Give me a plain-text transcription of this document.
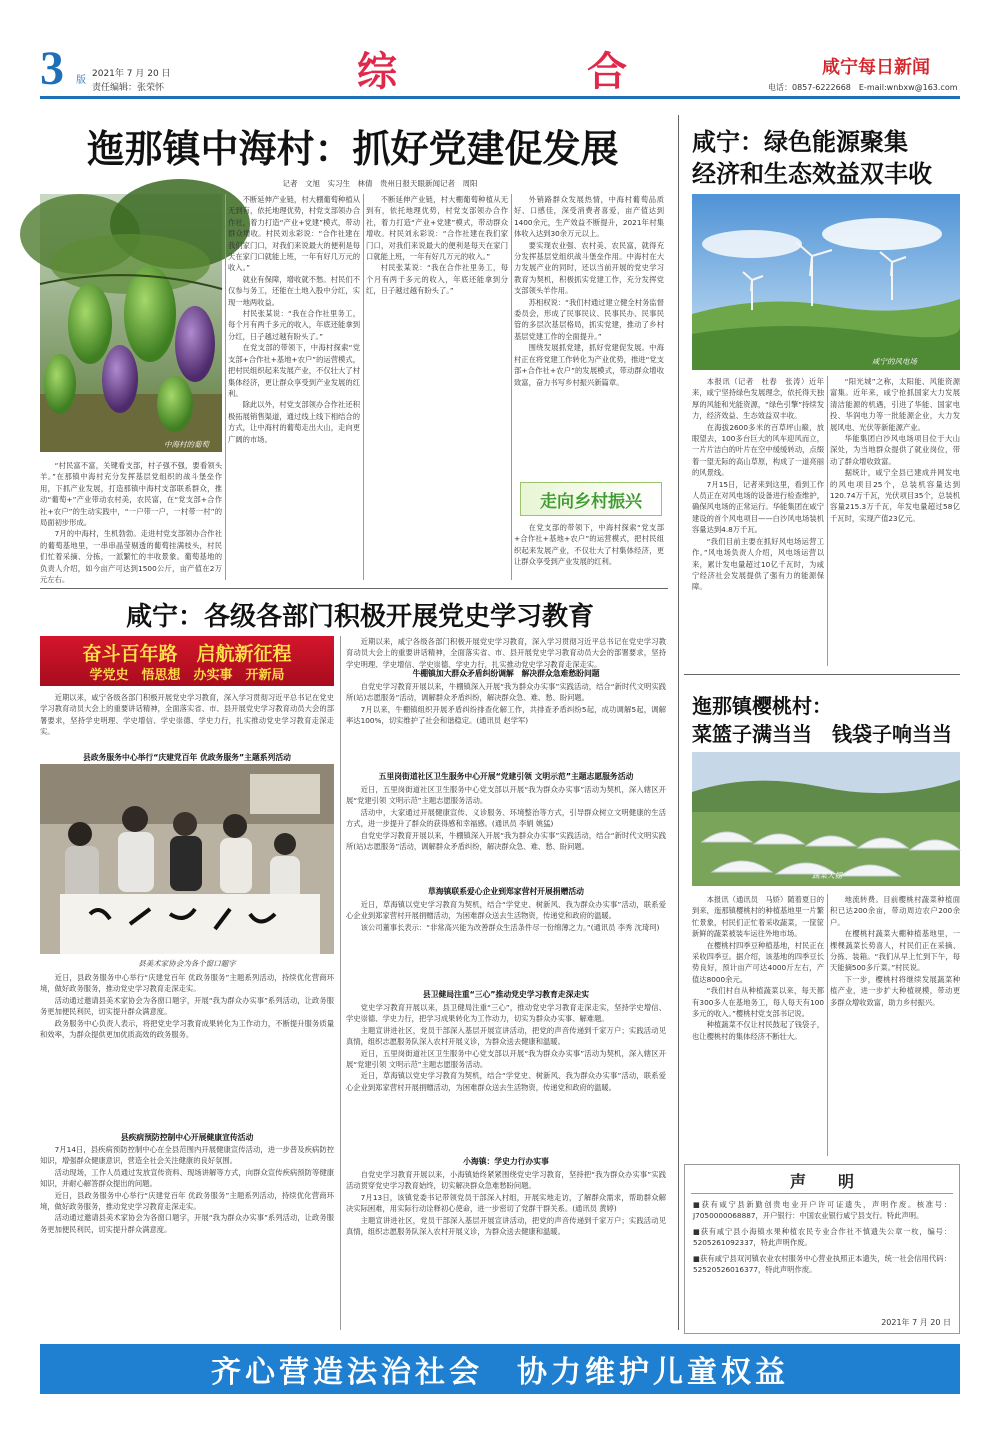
3 版
2021年 7 月 20 日
责任编辑：张荣怀	综　　　　合	咸宁每日新闻
电话：0857-6222668　E-mail:wnbxw@163.com
迤那镇中海村：抓好党建促发展
记者　文旭　实习生　林倩　贵州日报天眼新闻记者　周阳
中海村的葡萄

“村民富不富，关键看支部，村子强不强，要看领头羊。”在那镇中海村充分发挥基层党组织的战斗堡垒作用，下抓产业发展，打造那镇中海村支部联系群众，推动“葡萄+”产业带动农村美，农民富，在“党支部+合作社+农户”的生动实践中，“一户带一户，一村带一村”的局面初步形成。

7月的中海村，生机勃勃。走进村党支部领办合作社的葡萄基地里，一串串晶莹剔透的葡萄挂满枝头，村民们忙着采摘、分拣，一派繁忙的丰收景象。葡萄基地的负责人介绍，如今亩产可达到1500公斤，亩产值在2万元左右。

不断延伸产业链，村大棚葡萄种植从无到有，依托地理优势，村党支部领办合作社，着力打造“产业+党建”模式，带动群众增收。村民刘永彩说：“合作社建在我们家门口，对我们来说最大的便利是每天在家门口就能上班，一年有好几万元的收入。”

就业有保障，增收就不愁。村民们不仅参与务工，还能在土地入股中分红，实现一地两收益。

村民张某说：“我在合作社里务工，每个月有两千多元的收入，年底还能拿到分红，日子越过越有盼头了。”

在党支部的带领下，中海村探索“党支部+合作社+基地+农户”的运营模式，把村民组织起来发展产业，不仅壮大了村集体经济，更让群众享受到产业发展的红利。

除此以外，村党支部领办合作社还积极拓展销售渠道，通过线上线下相结合的方式，让中海村的葡萄走出大山，走向更广阔的市场。

不断延伸产业链，村大棚葡萄种植从无到有，依托地理优势，村党支部领办合作社，着力打造“产业+党建”模式，带动群众增收。村民刘永彩说：“合作社建在我们家门口，对我们来说最大的便利是每天在家门口就能上班，一年有好几万元的收入。”

村民张某说：“我在合作社里务工，每个月有两千多元的收入，年底还能拿到分红，日子越过越有盼头了。”

外销路群众发展热情，中海村葡萄品质好、口感佳，深受消费者喜爱，亩产值达到1400余元，生产效益不断提升，2021年村集体收入达到30余万元以上。

要实现农业强、农村美、农民富，就得充分发挥基层党组织战斗堡垒作用。中海村在大力发展产业的同时，还以当前开展的党史学习教育为契机，积极抓实党建工作，充分发挥党支部领头羊作用。

苏相权说：“我们村通过建立健全村务监督委员会，形成了民事民议、民事民办、民事民管的多层次基层格局，抓实党建，推动了乡村基层党建工作的全面提升。”

围绕发展抓党建，抓好党建促发展。中海村正在将党建工作转化为产业优势，推进“党支部+合作社+农户”的发展模式，带动群众增收致富，奋力书写乡村振兴新篇章。

走向乡村振兴

在党支部的带领下，中海村探索“党支部+合作社+基地+农户”的运营模式，把村民组织起来发展产业，不仅壮大了村集体经济，更让群众享受到产业发展的红利。

咸宁：各级各部门积极开展党史学习教育
奋斗百年路　启航新征程
学党史　悟思想　办实事　开新局

近期以来，咸宁各级各部门积极开展党史学习教育，深入学习贯彻习近平总书记在党史学习教育动员大会上的重要讲话精神，全面落实省、市、县开展党史学习教育动员大会的部署要求，坚持学史明理、学史增信、学史崇德、学史力行，扎实推动党史学习教育走深走实。

县政务服务中心举行“庆建党百年 优政务服务”主题系列活动
县美术家协会为各个窗口题字

近日，县政务服务中心举行“庆建党百年 优政务服务”主题系列活动，持续优化营商环境，做好政务服务，推动党史学习教育走深走实。

活动通过邀请县美术家协会为各窗口题字，开展“我为群众办实事”系列活动，让政务服务更加便民利民，切实提升群众满意度。

政务服务中心负责人表示，将把党史学习教育成果转化为工作动力，不断提升服务质量和效率，为群众提供更加优质高效的政务服务。

县疾病预防控制中心开展健康宣传活动

7月14日，县疾病预防控制中心在全县范围内开展健康宣传活动，进一步普及疾病防控知识，增强群众健康意识，营造全社会关注健康的良好氛围。

活动现场，工作人员通过发放宣传资料、现场讲解等方式，向群众宣传疾病预防等健康知识，并耐心解答群众提出的问题。

近日，县政务服务中心举行“庆建党百年 优政务服务”主题系列活动，持续优化营商环境，做好政务服务，推动党史学习教育走深走实。

活动通过邀请县美术家协会为各窗口题字，开展“我为群众办实事”系列活动，让政务服务更加便民利民，切实提升群众满意度。

近期以来，咸宁各级各部门积极开展党史学习教育，深入学习贯彻习近平总书记在党史学习教育动员大会上的重要讲话精神，全面落实省、市、县开展党史学习教育动员大会的部署要求，坚持学史明理、学史增信、学史崇德、学史力行，扎实推动党史学习教育走深走实。

牛棚镇加大群众矛盾纠纷调解　解决群众急难愁盼问题

自党史学习教育开展以来，牛棚镇深入开展“我为群众办实事”实践活动，结合“新时代文明实践所(站)志愿服务”活动，调解群众矛盾纠纷，解决群众急、难、愁、盼问题。

7月以来，牛棚镇组织开展矛盾纠纷排查化解工作，共排查矛盾纠纷5起，成功调解5起，调解率达100%，切实维护了社会和谐稳定。(通讯员 赵学军)

五里岗街道社区卫生服务中心开展“党建引领 文明示范”主题志愿服务活动

近日，五里岗街道社区卫生服务中心党支部以开展“我为群众办实事”活动为契机，深入辖区开展“党建引领 文明示范”主题志愿服务活动。

活动中，大家通过开展健康宣传、义诊服务、环境整治等方式，引导群众树立文明健康的生活方式，进一步提升了群众的获得感和幸福感。(通讯员 李娟 姚猛)

自党史学习教育开展以来，牛棚镇深入开展“我为群众办实事”实践活动，结合“新时代文明实践所(站)志愿服务”活动，调解群众矛盾纠纷，解决群众急、难、愁、盼问题。

草海镇联系爱心企业到郑家营村开展捐赠活动

近日，草海镇以党史学习教育为契机，结合“学党史、树新风、我为群众办实事”活动，联系爱心企业到郑家营村开展捐赠活动，为困难群众送去生活物资，传递党和政府的温暖。

该公司董事长表示：“非常高兴能为改善群众生活条件尽一份绵薄之力。”(通讯员 李秀 沈琦珂)

县卫健局注重“三心”推动党史学习教育走深走实

党史学习教育开展以来，县卫健局注重“三心”，推动党史学习教育走深走实，坚持学史增信、学史崇德、学史力行，把学习成果转化为工作动力，切实为群众办实事、解难题。

主题宣讲进社区，党员干部深入基层开展宣讲活动，把党的声音传递到千家万户；实践活动见真情，组织志愿服务队深入农村开展义诊，为群众送去健康和温暖。

近日，五里岗街道社区卫生服务中心党支部以开展“我为群众办实事”活动为契机，深入辖区开展“党建引领 文明示范”主题志愿服务活动。

近日，草海镇以党史学习教育为契机，结合“学党史、树新风、我为群众办实事”活动，联系爱心企业到郑家营村开展捐赠活动，为困难群众送去生活物资，传递党和政府的温暖。

小海镇：学史力行办实事

自党史学习教育开展以来，小海镇始终紧紧围绕党史学习教育，坚持把“我为群众办实事”实践活动贯穿党史学习教育始终，切实解决群众急难愁盼问题。

7月13日，该镇党委书记带领党员干部深入村组，开展实地走访，了解群众需求，帮助群众解决实际困难，用实际行动诠释初心使命，进一步密切了党群干群关系。(通讯员 黄婷)

主题宣讲进社区，党员干部深入基层开展宣讲活动，把党的声音传递到千家万户；实践活动见真情，组织志愿服务队深入农村开展义诊，为群众送去健康和温暖。

咸宁：绿色能源聚集
经济和生态效益双丰收
咸宁的风电场

本报讯（记者　杜春　张涛）近年来，咸宁坚持绿色发展理念，依托得天独厚的风能和光能资源，“绿色引擎”持续发力，经济效益、生态效益双丰收。

在海拔2600多米的百草坪山巅，放眼望去，100多台巨大的风车迎风而立，一片片洁白的叶片在空中缓缓转动，点缀着一望无际的高山草原，构成了一道亮丽的风景线。

7月15日，记者来到这里，看到工作人员正在对风电场的设备进行检查维护，确保风电场的正常运行。华能集团在咸宁建设的首个风电项目——白沙风电场装机容量达到4.8万千瓦。

“我们目前主要在抓好风电场运营工作。”风电场负责人介绍，风电场运营以来，累计发电量超过10亿千瓦时，为咸宁经济社会发展提供了强有力的能源保障。

“阳光城”之称，太阳能、风能资源富集。近年来，咸宁抢抓国家大力发展清洁能源的机遇，引进了华能、国家电投、华润电力等一批能源企业，大力发展风电、光伏等新能源产业。

华能集团白沙风电场项目位于大山深处，为当地群众提供了就业岗位，带动了群众增收致富。

据统计，咸宁全县已建成并网发电的风电项目25个，总装机容量达到120.74万千瓦，光伏项目35个，总装机容量215.3万千瓦，年发电量超过58亿千瓦时，实现产值23亿元。

迤那镇樱桃村：
菜篮子满当当　钱袋子响当当
蔬菜大棚

本报讯（通讯员　马娇）随着夏日的到来，迤那镇樱桃村的种植基地里一片繁忙景象，村民们正忙着采收蔬菜，一筐筐新鲜的蔬菜被装车运往外地市场。

在樱桃村四季豆种植基地，村民正在采收四季豆。据介绍，该基地的四季豆长势良好，预计亩产可达4000斤左右，产值达8000余元。

“我们村自从种植蔬菜以来，每天都有300多人在基地务工，每人每天有100多元的收入。”樱桃村党支部书记说。

种植蔬菜不仅让村民鼓起了钱袋子，也让樱桃村的集体经济不断壮大。

地流转费。目前樱桃村蔬菜种植面积已达200余亩，带动周边农户200余户。

在樱桃村蔬菜大棚种植基地里，一棵棵蔬菜长势喜人，村民们正在采摘、分拣、装箱。“我们从早上忙到下午，每天能摘500多斤菜。”村民说。

下一步，樱桃村将继续发展蔬菜种植产业，进一步扩大种植规模，带动更多群众增收致富，助力乡村振兴。

声　　明
■获有咸宁县新勤创贵电业开户许可证遗失，声明作废。核准号：J7050000068887，开户银行：中国农业银行咸宁县支行。特此声明。
■获有咸宁县小海镇水果种植农民专业合作社不慎遗失公章一枚，编号：5205261092337，特此声明作废。
■获有咸宁县双河镇农业农村服务中心营业执照正本遗失，统一社会信用代码：52520526016377，特此声明作废。
2021年 7 月 20 日
齐心营造法治社会　协力维护儿童权益
